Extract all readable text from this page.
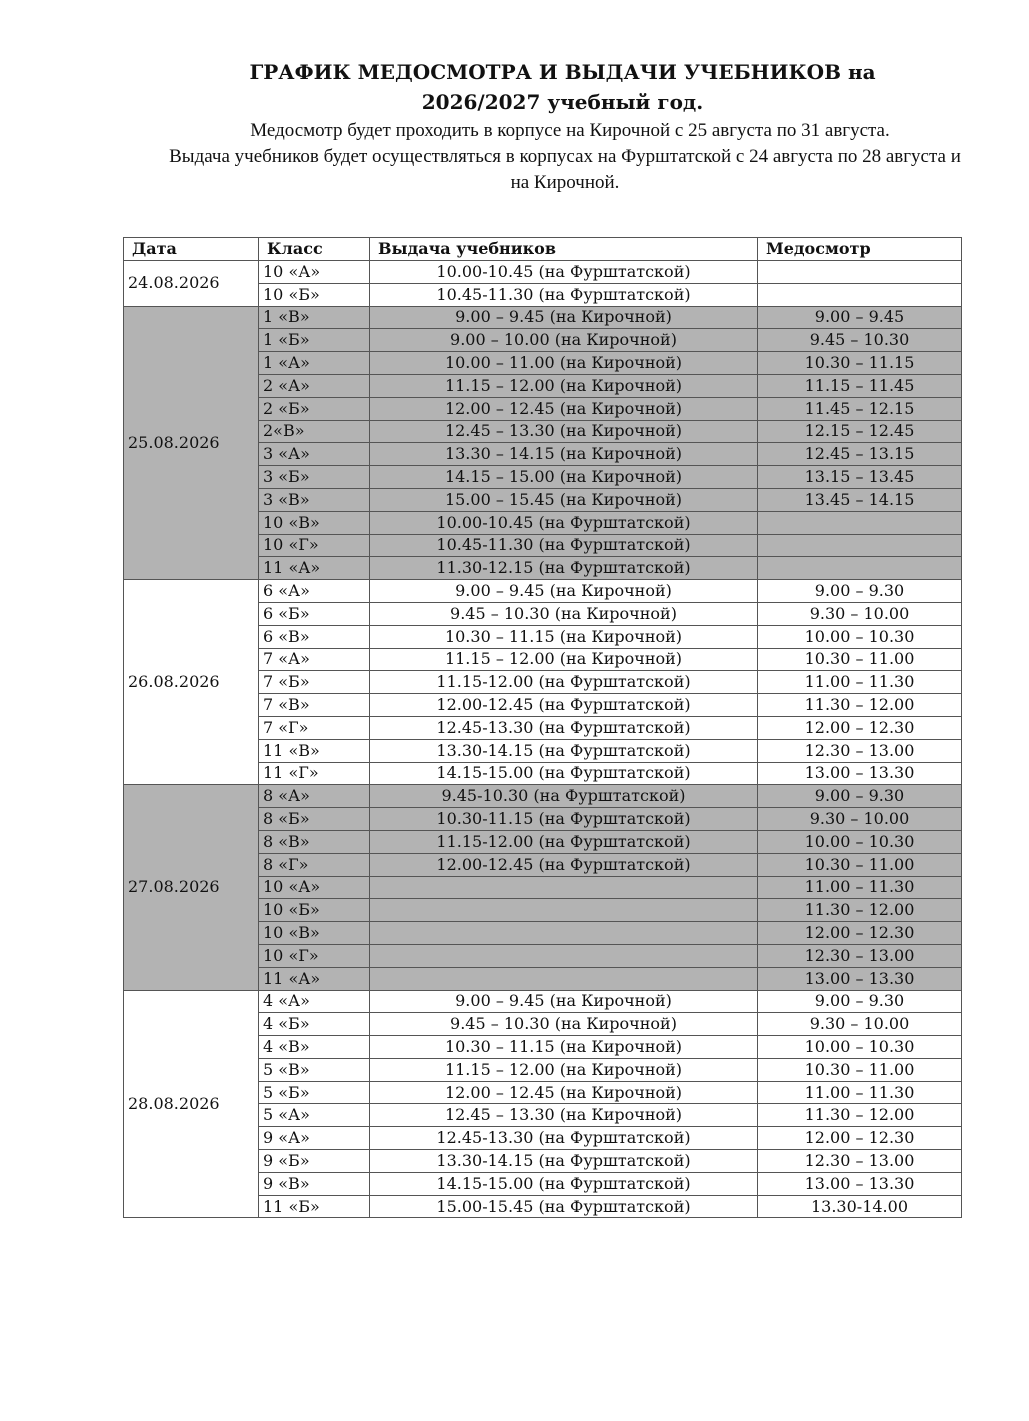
ГРАФИК МЕДОСМОТРА И ВЫДАЧИ УЧЕБНИКОВ на
2026/2027 учебный год.
Медосмотр будет проходить в корпусе на Кирочной с 25 августа по 31 августа.
Выдача учебников будет осуществляться в корпусах на Фурштатской с 24 августа по 28 августа и на Кирочной.
Дата	Класс	Выдача учебников	Медосмотр
24.08.2026	10 «А»	10.00-10.45 (на Фурштатской)	
	10 «Б»	10.45-11.30 (на Фурштатской)	
25.08.2026	1 «В»	9.00 – 9.45 (на Кирочной)	9.00 – 9.45
	1 «Б»	9.00 – 10.00 (на Кирочной)	9.45 – 10.30
	1 «А»	10.00 – 11.00 (на Кирочной)	10.30 – 11.15
	2 «А»	11.15 – 12.00 (на Кирочной)	11.15 – 11.45
	2 «Б»	12.00 – 12.45 (на Кирочной)	11.45 – 12.15
	2«В»	12.45 – 13.30 (на Кирочной)	12.15 – 12.45
	3 «А»	13.30 – 14.15 (на Кирочной)	12.45 – 13.15
	3 «Б»	14.15 – 15.00 (на Кирочной)	13.15 – 13.45
	3 «В»	15.00 – 15.45 (на Кирочной)	13.45 – 14.15
	10 «В»	10.00-10.45 (на Фурштатской)	
	10 «Г»	10.45-11.30 (на Фурштатской)	
	11 «А»	11.30-12.15 (на Фурштатской)	
26.08.2026	6 «А»	9.00 – 9.45 (на Кирочной)	9.00 – 9.30
	6 «Б»	9.45 – 10.30 (на Кирочной)	9.30 – 10.00
	6 «В»	10.30 – 11.15 (на Кирочной)	10.00 – 10.30
	7 «А»	11.15 – 12.00 (на Кирочной)	10.30 – 11.00
	7 «Б»	11.15-12.00 (на Фурштатской)	11.00 – 11.30
	7 «В»	12.00-12.45 (на Фурштатской)	11.30 – 12.00
	7 «Г»	12.45-13.30 (на Фурштатской)	12.00 – 12.30
	11 «В»	13.30-14.15 (на Фурштатской)	12.30 – 13.00
	11 «Г»	14.15-15.00 (на Фурштатской)	13.00 – 13.30
27.08.2026	8 «А»	9.45-10.30 (на Фурштатской)	9.00 – 9.30
	8 «Б»	10.30-11.15 (на Фурштатской)	9.30 – 10.00
	8 «В»	11.15-12.00 (на Фурштатской)	10.00 – 10.30
	8 «Г»	12.00-12.45 (на Фурштатской)	10.30 – 11.00
	10 «А»		11.00 – 11.30
	10 «Б»		11.30 – 12.00
	10 «В»		12.00 – 12.30
	10 «Г»		12.30 – 13.00
	11 «А»		13.00 – 13.30
28.08.2026	4 «А»	9.00 – 9.45 (на Кирочной)	9.00 – 9.30
	4 «Б»	9.45 – 10.30 (на Кирочной)	9.30 – 10.00
	4 «В»	10.30 – 11.15 (на Кирочной)	10.00 – 10.30
	5 «В»	11.15 – 12.00 (на Кирочной)	10.30 – 11.00
	5 «Б»	12.00 – 12.45 (на Кирочной)	11.00 – 11.30
	5 «А»	12.45 – 13.30 (на Кирочной)	11.30 – 12.00
	9 «А»	12.45-13.30 (на Фурштатской)	12.00 – 12.30
	9 «Б»	13.30-14.15 (на Фурштатской)	12.30 – 13.00
	9 «В»	14.15-15.00 (на Фурштатской)	13.00 – 13.30
	11 «Б»	15.00-15.45 (на Фурштатской)	13.30-14.00
